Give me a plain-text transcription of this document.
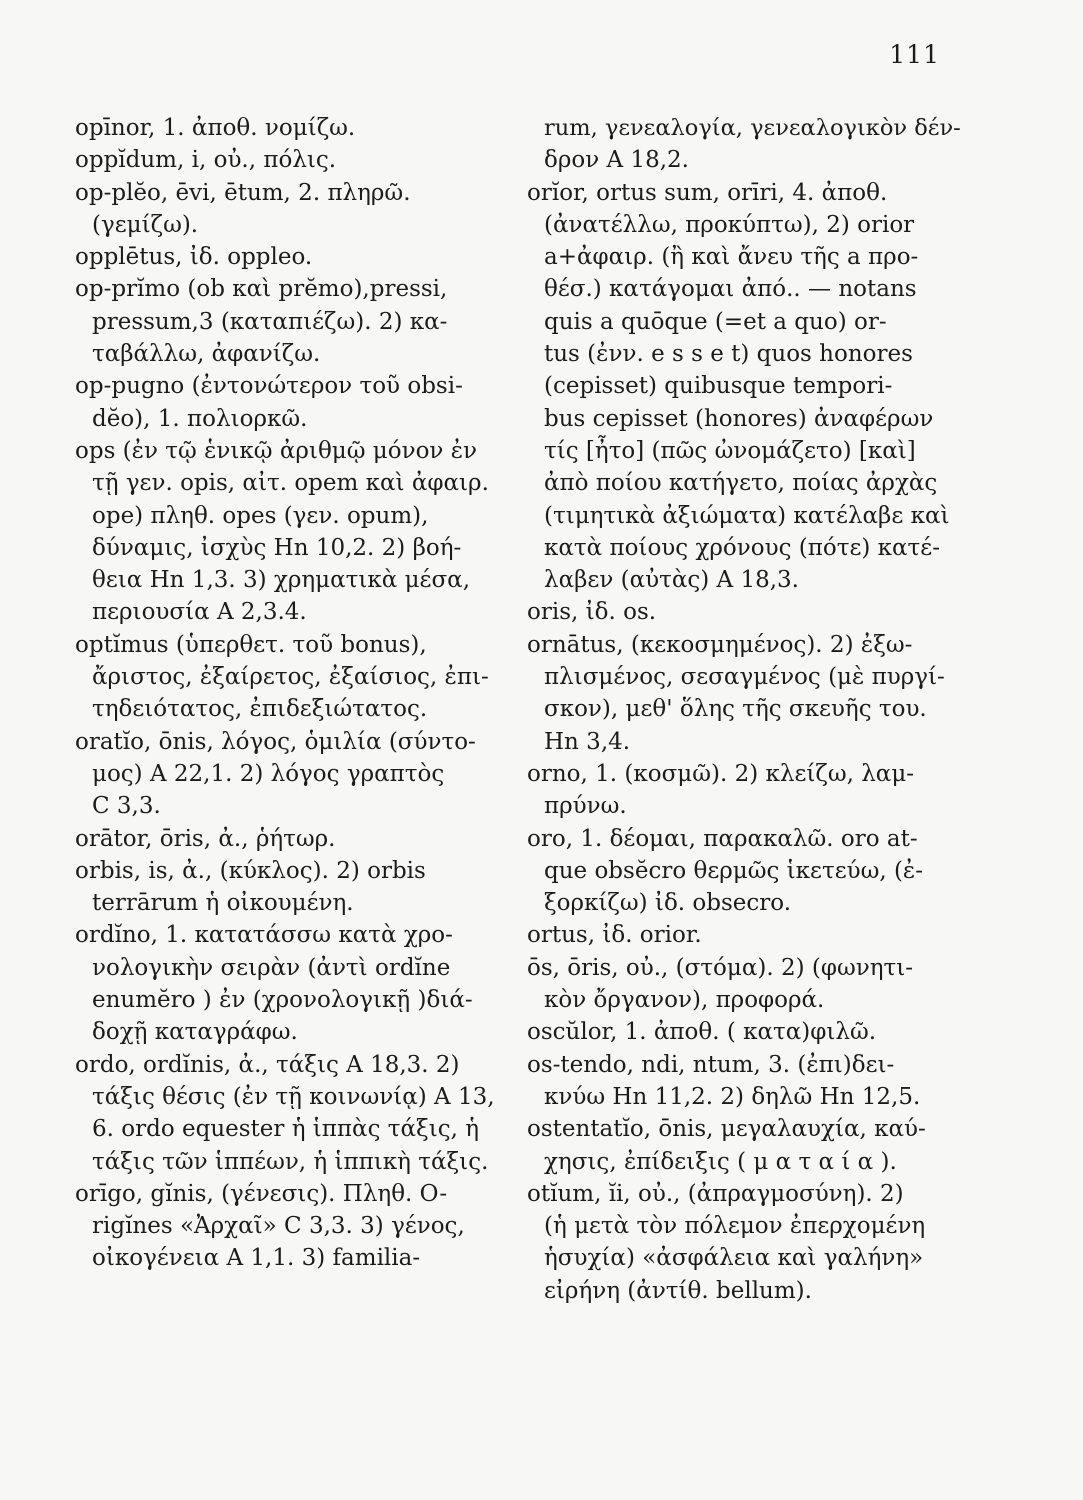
111
opīnor, 1. ἀποθ. νομίζω.
oppĭdum, i, οὐ., πόλις.
op-plĕo, ēvi, ētum, 2. πληρῶ.
(γεμίζω).
opplētus, ἰδ. oppleo.
op-prĭmo (ob καὶ prĕmo),pressi,
pressum,3 (καταπιέζω). 2) κα-
ταβάλλω, ἀφανίζω.
op-pugno (ἐντονώτερον τοῦ obsi-
dĕo), 1. πολιορκῶ.
ops (ἐν τῷ ἑνικῷ ἀριθμῷ μόνον ἐν
τῇ γεν. opis, αἰτ. opem καὶ ἀφαιρ.
ope) πληθ. opes (γεν. opum),
δύναμις, ἰσχὺς Hn 10,2. 2) βοή-
θεια Hn 1,3. 3) χρηματικὰ μέσα,
περιουσία A 2,3.4.
optĭmus (ὑπερθετ. τοῦ bonus),
ἄριστος, ἐξαίρετος, ἐξαίσιος, ἐπι-
τηδειότατος, ἐπιδεξιώτατος.
oratĭo, ōnis, λόγος, ὁμιλία (σύντο-
μος) A 22,1. 2) λόγος γραπτὸς
C 3,3.
orātor, ōris, ἀ., ῥήτωρ.
orbis, is, ἀ., (κύκλος). 2) orbis
terrārum ἡ οἰκουμένη.
ordĭno, 1. κατατάσσω κατὰ χρο-
νολογικὴν σειρὰν (ἀντὶ ordĭne
enumĕro ) ἐν (χρονολογικῇ )διά-
δοχῇ καταγράφω.
ordo, ordĭnis, ἀ., τάξις A 18,3. 2)
τάξις θέσις (ἐν τῇ κοινωνίᾳ) A 13,
6. ordo equester ἡ ἱππὰς τάξις, ἡ
τάξις τῶν ἱππέων, ἡ ἱππικὴ τάξις.
orīgo, gĭnis, (γένεσις). Πληθ. O-
rigĭnes «Ἀρχαῖ» C 3,3. 3) γένος,
οἰκογένεια A 1,1. 3) familia-
rum, γενεαλογία, γενεαλογικὸν δέν-
δρον A 18,2.
orĭor, ortus sum, orīri, 4. ἀποθ.
(ἀνατέλλω, προκύπτω), 2) orior
a+ἀφαιρ. (ἢ καὶ ἄνευ τῆς a προ-
θέσ.) κατάγομαι ἀπό.. — notans
quis a quōque (=et a quo) or-
tus (ἐνν. e s s e t) quos honores
(cepisset) quibusque tempori-
bus cepisset (honores) ἀναφέρων
τίς [ἦτο] (πῶς ὠνομάζετο) [καὶ]
ἀπὸ ποίου κατήγετο, ποίας ἀρχὰς
(τιμητικὰ ἀξιώματα) κατέλαβε καὶ
κατὰ ποίους χρόνους (πότε) κατέ-
λαβεν (αὐτὰς) A 18,3.
oris, ἰδ. os.
ornātus, (κεκοσμημένος). 2) ἐξω-
πλισμένος, σεσαγμένος (μὲ πυργί-
σκον), μεθ' ὅλης τῆς σκευῆς του.
Hn 3,4.
orno, 1. (κοσμῶ). 2) κλείζω, λαμ-
πρύνω.
oro, 1. δέομαι, παρακαλῶ. oro at-
que obsĕcro θερμῶς ἱκετεύω, (ἐ-
ξορκίζω) ἰδ. obsecro.
ortus, ἰδ. orior.
ōs, ōris, οὐ., (στόμα). 2) (φωνητι-
κὸν ὄργανον), προφορά.
oscŭlor, 1. ἀποθ. ( κατα)φιλῶ.
os-tendo, ndi, ntum, 3. (ἐπι)δει-
κνύω Hn 11,2. 2) δηλῶ Hn 12,5.
ostentatĭo, ōnis, μεγαλαυχία, καύ-
χησις, ἐπίδειξις ( μ α τ α ί α ).
otĭum, ĭi, οὐ., (ἀπραγμοσύνη). 2)
(ἡ μετὰ τὸν πόλεμον ἐπερχομένη
ἡσυχία) «ἀσφάλεια καὶ γαλήνη»
εἰρήνη (ἀντίθ. bellum).
